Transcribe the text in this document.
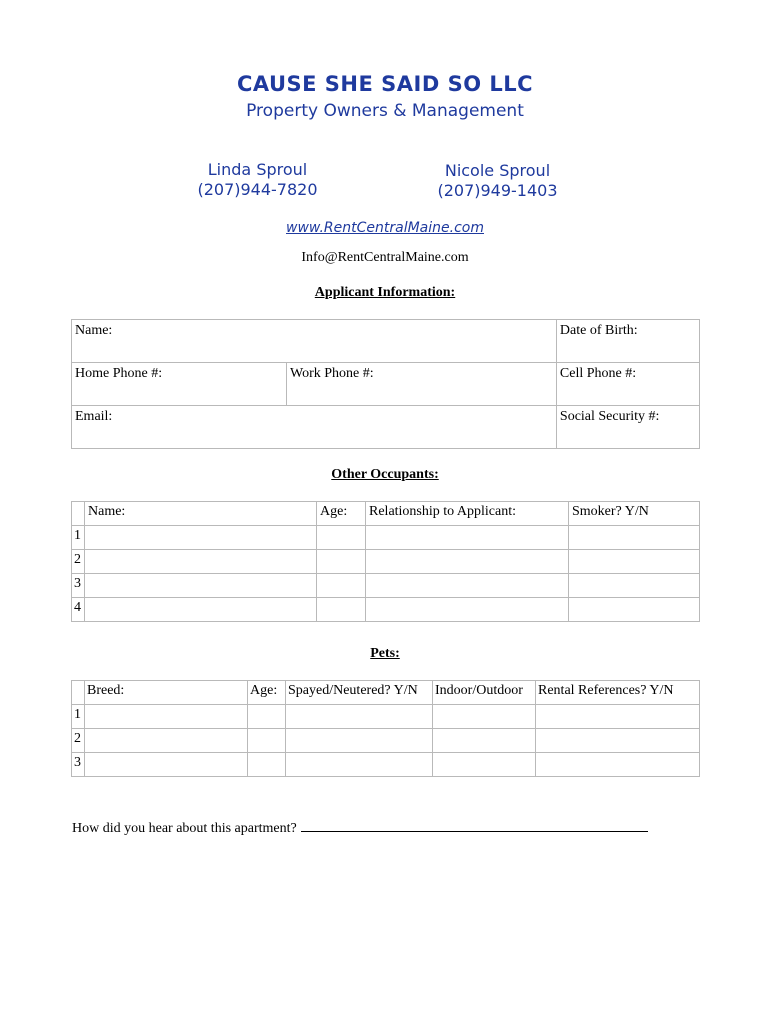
CAUSE SHE SAID SO LLC
Property Owners & Management
Linda Sproul
(207)944-7820
Nicole Sproul
(207)949-1403
www.RentCentralMaine.com
Info@RentCentralMaine.com
Applicant Information:
Name:		Date of Birth:
Home Phone #:	Work Phone #:	Cell Phone #:
Email:		Social Security #:
Other Occupants:
	Name:	Age:	Relationship to Applicant:	Smoker? Y/N
1				
2				
3				
4				
Pets:
	Breed:	Age:	Spayed/Neutered? Y/N	Indoor/Outdoor	Rental References? Y/N
1					
2					
3					
How did you hear about this apartment?
